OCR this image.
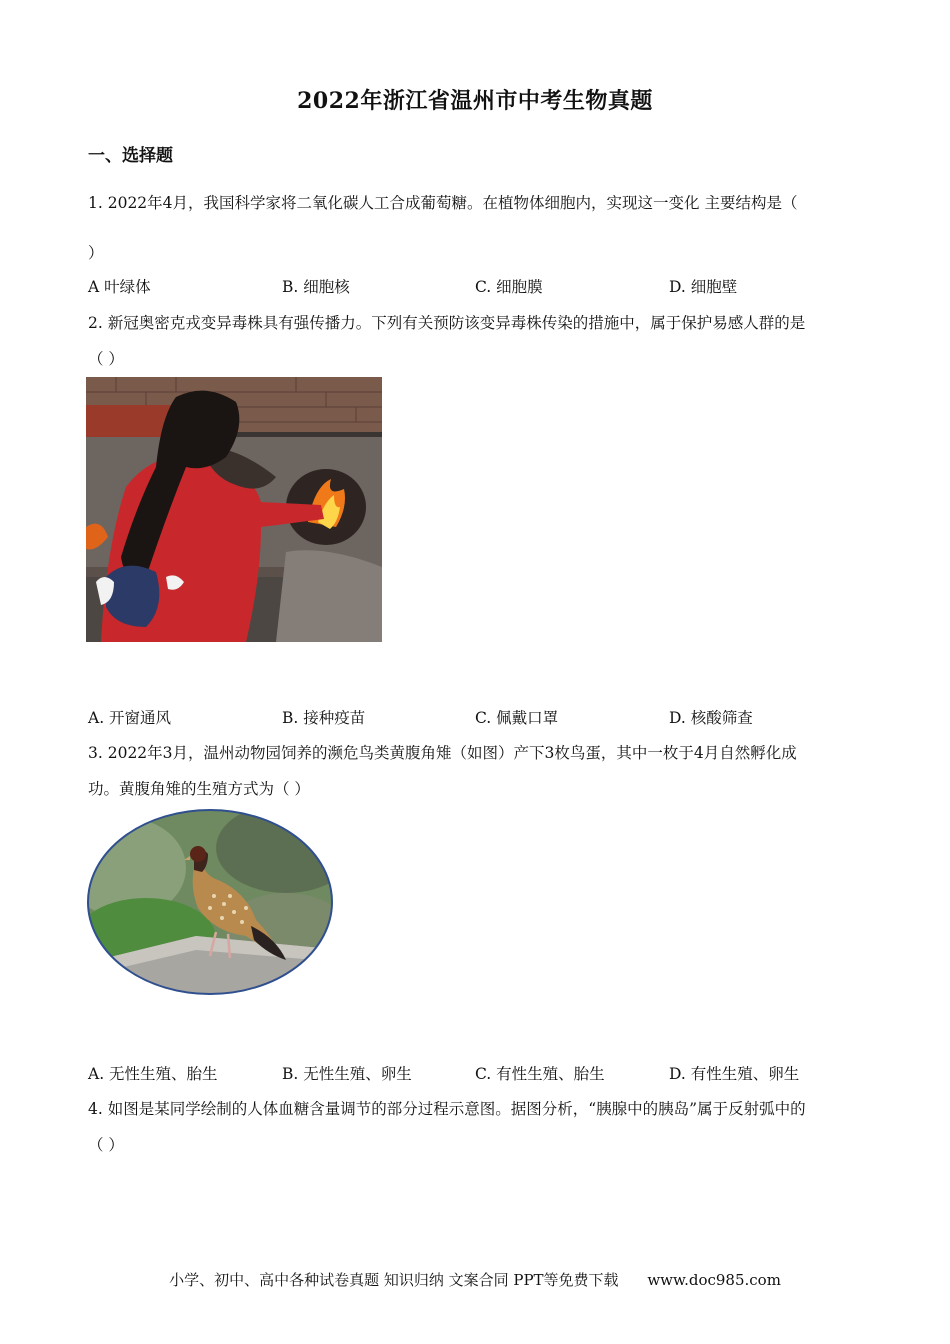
2022年浙江省温州市中考生物真题
一、选择题
1. 2022年4月，我国科学家将二氧化碳人工合成葡萄糖。在植物体细胞内，实现这一变化 主要结构是（
）
A 叶绿体	B. 细胞核	C. 细胞膜	D. 细胞壁
2. 新冠奥密克戎变异毒株具有强传播力。下列有关预防该变异毒株传染的措施中，属于保护易感人群的是
（ ）
A. 开窗通风	B. 接种疫苗	C. 佩戴口罩	D. 核酸筛查
3. 2022年3月，温州动物园饲养的濒危鸟类黄腹角雉（如图）产下3枚鸟蛋，其中一枚于4月自然孵化成
功。黄腹角雉的生殖方式为（ ）
A. 无性生殖、胎生	B. 无性生殖、卵生	C. 有性生殖、胎生	D. 有性生殖、卵生
4. 如图是某同学绘制的人体血糖含量调节的部分过程示意图。据图分析，“胰腺中的胰岛”属于反射弧中的
（ ）
小学、初中、高中各种试卷真题 知识归纳 文案合同 PPT等免费下载 www.doc985.com
